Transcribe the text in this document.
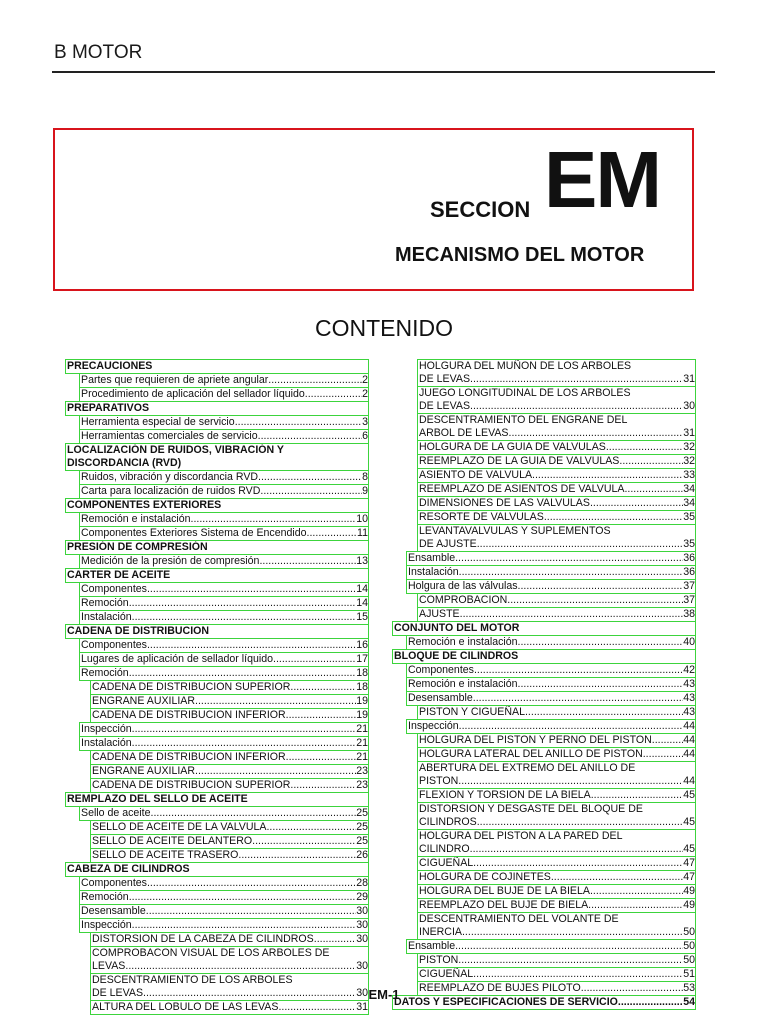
B MOTOR
SECCION EM
MECANISMO DEL MOTOR
CONTENIDO
PRECAUCIONES
Partes que requieren de apriete angular .....	2
Procedimiento de aplicación del sellador líquido .....	2
PREPARATIVOS
Herramienta especial de servicio .....	3
Herramientas comerciales de servicio .....	6
LOCALIZACIÓN DE RUIDOS, VIBRACIÓN Y
DISCORDANCIA (RVD)
Ruidos, vibración y discordancia RVD .....	8
Carta para localización de ruidos RVD .....	9
COMPONENTES EXTERIORES
Remoción e instalación .....	10
Componentes Exteriores Sistema de Encendido .....	11
PRESIÓN DE COMPRESIÓN
Medición de la presión de compresión .....	13
CARTER DE ACEITE
Componentes .....	14
Remoción .....	14
Instalación .....	15
CADENA DE DISTRIBUCION
Componentes .....	16
Lugares de aplicación de sellador líquido .....	17
Remoción .....	18
CADENA DE DISTRIBUCION SUPERIOR .....	18
ENGRANE AUXILIAR .....	19
CADENA DE DISTRIBUCION INFERIOR .....	19
Inspección .....	21
Instalación .....	21
CADENA DE DISTRIBUCION INFERIOR .....	21
ENGRANE AUXILIAR .....	23
CADENA DE DISTRIBUCION SUPERIOR .....	23
REMPLAZO DEL SELLO DE ACEITE
Sello de aceite .....	25
SELLO DE ACEITE DE LA VALVULA .....	25
SELLO DE ACEITE DELANTERO .....	25
SELLO DE ACEITE TRASERO .....	26
CABEZA DE CILINDROS
Componentes .....	28
Remoción .....	29
Desensamble .....	30
Inspección .....	30
DISTORSION DE LA CABEZA DE CILINDROS .....	30
COMPROBACON VISUAL DE LOS ARBOLES DE
LEVAS .....	30
DESCENTRAMIENTO DE LOS ARBOLES
DE LEVAS .....	30
ALTURA DEL LOBULO DE LAS LEVAS .....	31
HOLGURA DEL MUÑON DE LOS ARBOLES
DE LEVAS .....	31
JUEGO LONGITUDINAL DE LOS ARBOLES
DE LEVAS .....	30
DESCENTRAMIENTO DEL ENGRANE DEL
ARBOL DE LEVAS .....	31
HOLGURA DE LA GUIA DE VALVULAS .....	32
REEMPLAZO DE LA GUIA DE VALVULAS .....	32
ASIENTO DE VALVULA .....	33
REEMPLAZO DE ASIENTOS DE VALVULA .....	34
DIMENSIONES DE LAS VALVULAS .....	34
RESORTE DE VALVULAS .....	35
LEVANTAVALVULAS Y SUPLEMENTOS
DE AJUSTE .....	35
Ensamble .....	36
Instalación .....	36
Holgura de las válvulas .....	37
COMPROBACION .....	37
AJUSTE .....	38
CONJUNTO DEL MOTOR
Remoción e instalación .....	40
BLOQUE DE CILINDROS
Componentes .....	42
Remoción e instalación .....	43
Desensamble .....	43
PISTON Y CIGUEÑAL .....	43
Inspección .....	44
HOLGURA DEL PISTON Y PERNO DEL PISTON .....	44
HOLGURA LATERAL DEL ANILLO DE PISTON .....	44
ABERTURA DEL EXTREMO DEL ANILLO DE
PISTON .....	44
FLEXION Y TORSION DE LA BIELA .....	45
DISTORSION Y DESGASTE DEL BLOQUE DE
CILINDROS .....	45
HOLGURA DEL PISTON A LA PARED DEL
CILINDRO .....	45
CIGUEÑAL .....	47
HOLGURA DE COJINETES .....	47
HOLGURA DEL BUJE DE LA BIELA .....	49
REEMPLAZO DEL BUJE DE BIELA .....	49
DESCENTRAMIENTO DEL VOLANTE DE
INERCIA .....	50
Ensamble .....	50
PISTON .....	50
CIGUEÑAL .....	51
REEMPLAZO DE BUJES PILOTO .....	53
DATOS Y ESPECIFICACIONES DE SERVICIO .....	54
EM-1
